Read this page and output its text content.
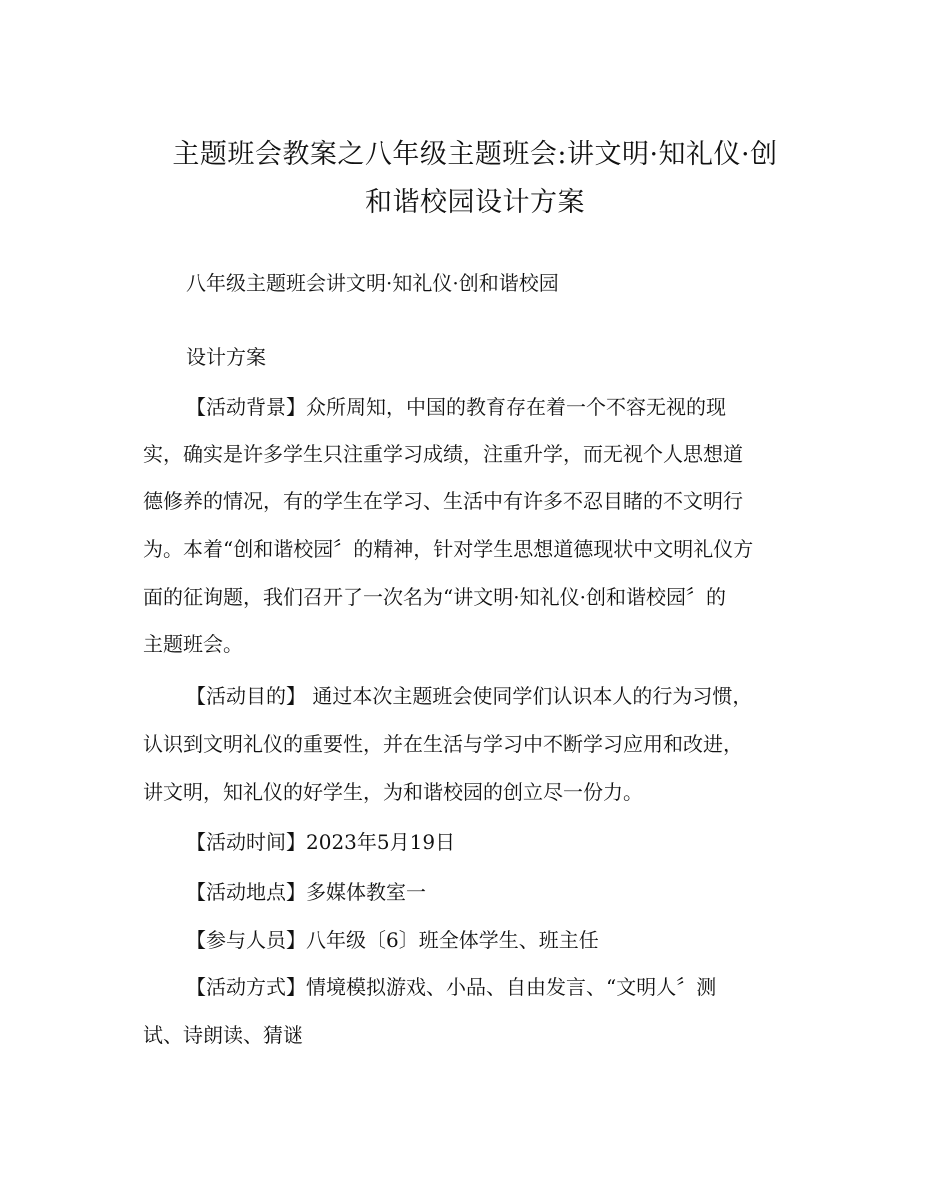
主题班会教案之八年级主题班会:讲文明·知礼仪·创
和谐校园设计方案
八年级主题班会讲文明·知礼仪·创和谐校园
设计方案
【活动背景】众所周知，中国的教育存在着一个不容无视的现
实，确实是许多学生只注重学习成绩，注重升学，而无视个人思想道
德修养的情况，有的学生在学习、生活中有许多不忍目睹的不文明行
为。本着“创和谐校园〞的精神，针对学生思想道德现状中文明礼仪方
面的征询题，我们召开了一次名为“讲文明·知礼仪·创和谐校园〞的
主题班会。
【活动目的】 通过本次主题班会使同学们认识本人的行为习惯，
认识到文明礼仪的重要性，并在生活与学习中不断学习应用和改进，
讲文明，知礼仪的好学生，为和谐校园的创立尽一份力。
【活动时间】2023年5月19日
【活动地点】多媒体教室一
【参与人员】八年级〔6〕班全体学生、班主任
【活动方式】情境模拟游戏、小品、自由发言、“文明人〞测
试、诗朗读、猜谜
